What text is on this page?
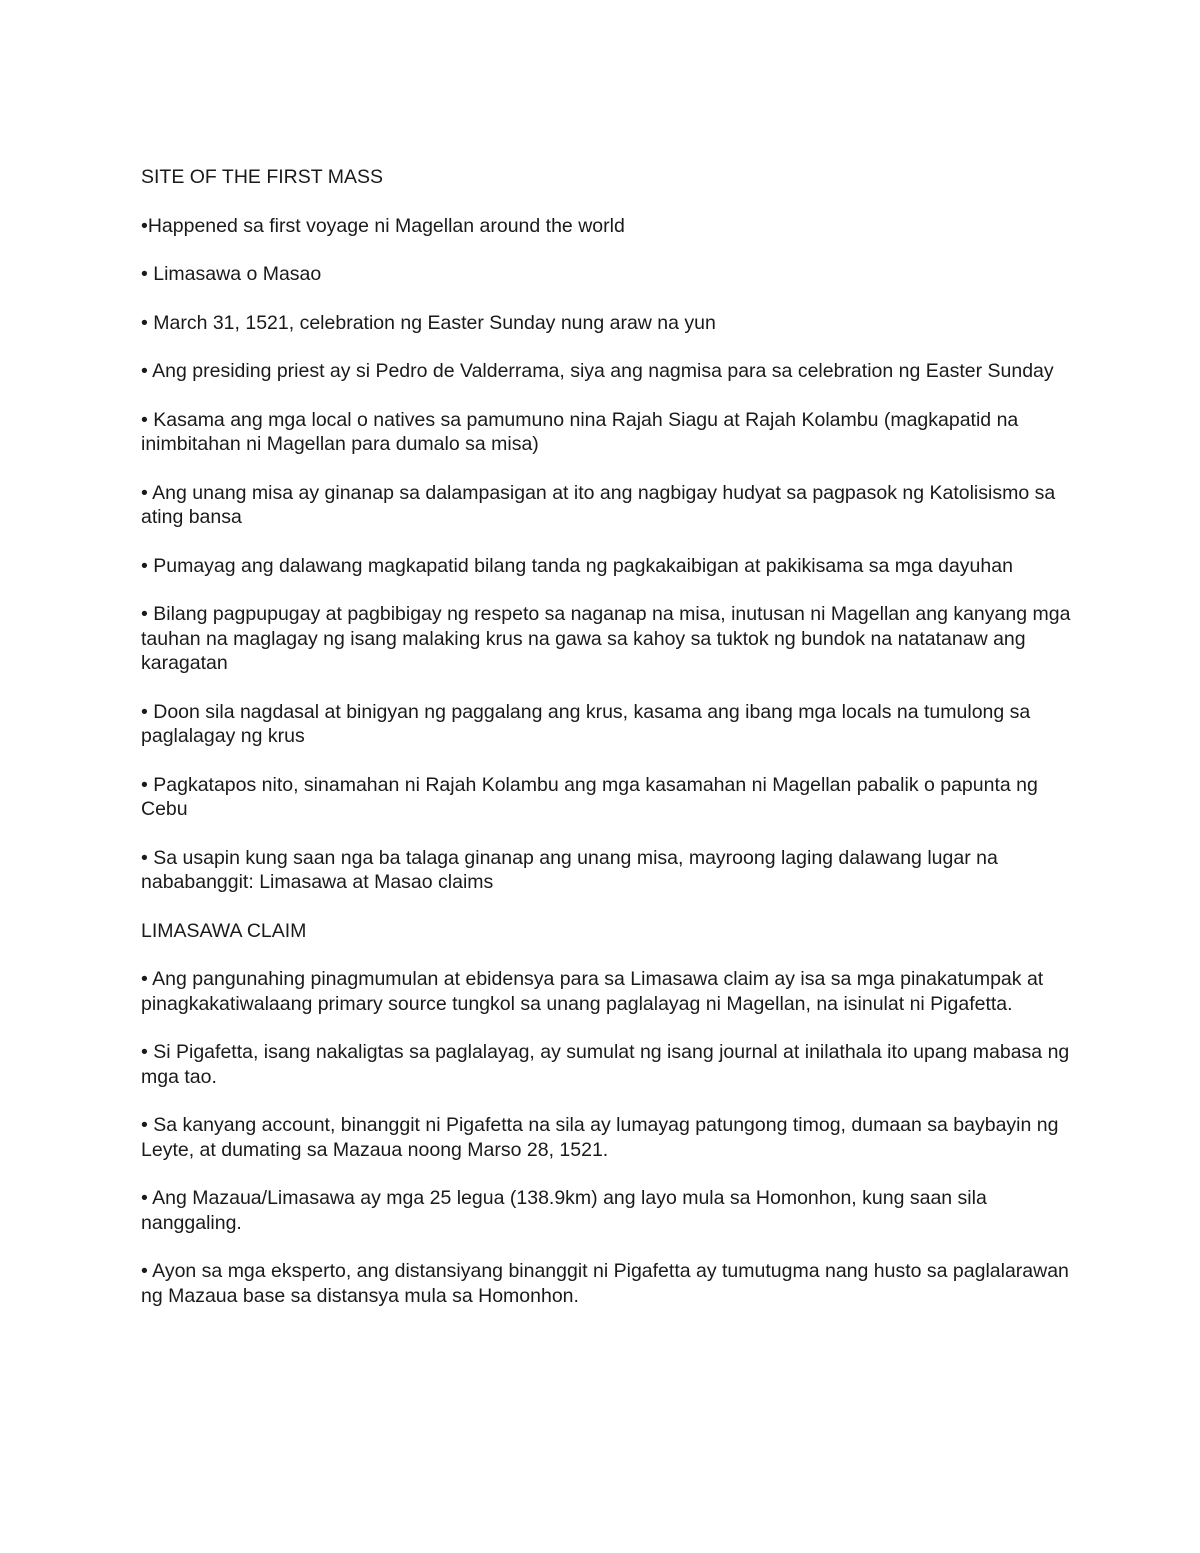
SITE OF THE FIRST MASS

•Happened sa first voyage ni Magellan around the world

• Limasawa o Masao

• March 31, 1521, celebration ng Easter Sunday nung araw na yun

• Ang presiding priest ay si Pedro de Valderrama, siya ang nagmisa para sa celebration ng Easter Sunday

• Kasama ang mga local o natives sa pamumuno nina Rajah Siagu at Rajah Kolambu (magkapatid na inimbitahan ni Magellan para dumalo sa misa)

• Ang unang misa ay ginanap sa dalampasigan at ito ang nagbigay hudyat sa pagpasok ng Katolisismo sa ating bansa

• Pumayag ang dalawang magkapatid bilang tanda ng pagkakaibigan at pakikisama sa mga dayuhan

• Bilang pagpupugay at pagbibigay ng respeto sa naganap na misa, inutusan ni Magellan ang kanyang mga tauhan na maglagay ng isang malaking krus na gawa sa kahoy sa tuktok ng bundok na natatanaw ang karagatan

• Doon sila nagdasal at binigyan ng paggalang ang krus, kasama ang ibang mga locals na tumulong sa paglalagay ng krus

• Pagkatapos nito, sinamahan ni Rajah Kolambu ang mga kasamahan ni Magellan pabalik o papunta ng Cebu

• Sa usapin kung saan nga ba talaga ginanap ang unang misa, mayroong laging dalawang lugar na nababanggit: Limasawa at Masao claims

LIMASAWA CLAIM

• Ang pangunahing pinagmumulan at ebidensya para sa Limasawa claim ay isa sa mga pinakatumpak at pinagkakatiwalaang primary source tungkol sa unang paglalayag ni Magellan, na isinulat ni Pigafetta.

• Si Pigafetta, isang nakaligtas sa paglalayag, ay sumulat ng isang journal at inilathala ito upang mabasa ng mga tao.

• Sa kanyang account, binanggit ni Pigafetta na sila ay lumayag patungong timog, dumaan sa baybayin ng Leyte, at dumating sa Mazaua noong Marso 28, 1521.

• Ang Mazaua/Limasawa ay mga 25 legua (138.9km) ang layo mula sa Homonhon, kung saan sila nanggaling.

• Ayon sa mga eksperto, ang distansiyang binanggit ni Pigafetta ay tumutugma nang husto sa paglalarawan ng Mazaua base sa distansya mula sa Homonhon.
